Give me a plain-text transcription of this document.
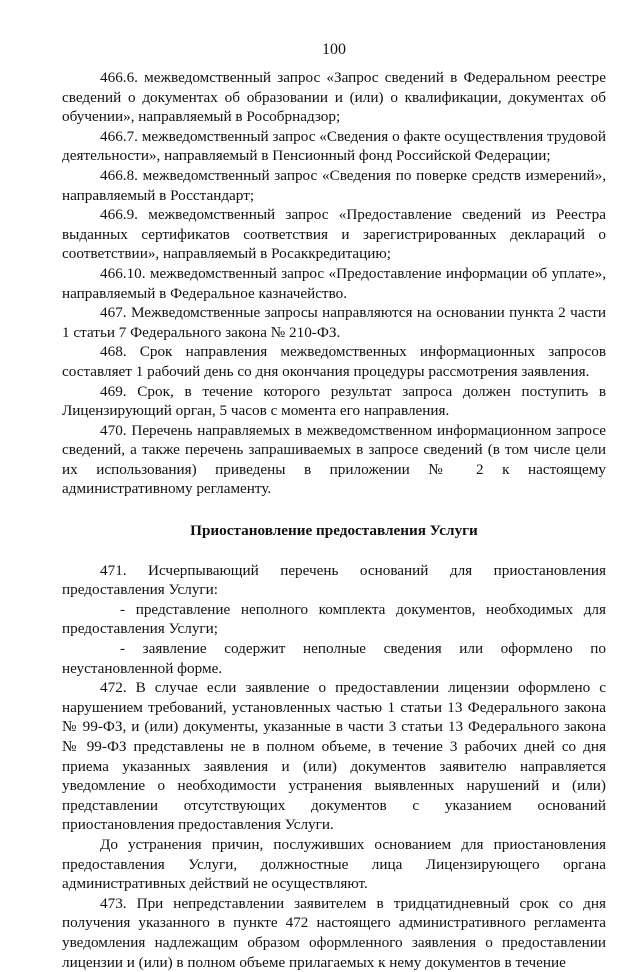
100

466.6. межведомственный запрос «Запрос сведений в Федеральном реестре сведений о документах об образовании и (или) о квалификации, документах об обучении», направляемый в Рособрнадзор;

466.7. межведомственный запрос «Сведения о факте осуществления трудовой деятельности», направляемый в Пенсионный фонд Российской Федерации;

466.8. межведомственный запрос «Сведения по поверке средств измерений», направляемый в Росстандарт;

466.9. межведомственный запрос «Предоставление сведений из Реестра выданных сертификатов соответствия и зарегистрированных деклараций о соответствии», направляемый в Росаккредитацию;

466.10. межведомственный запрос «Предоставление информации об уплате», направляемый в Федеральное казначейство.

467. Межведомственные запросы направляются на основании пункта 2 части 1 статьи 7 Федерального закона № 210-ФЗ.

468. Срок направления межведомственных информационных запросов составляет 1 рабочий день со дня окончания процедуры рассмотрения заявления.

469. Срок, в течение которого результат запроса должен поступить в Лицензирующий орган, 5 часов с момента его направления.

470. Перечень направляемых в межведомственном информационном запросе сведений, а также перечень запрашиваемых в запросе сведений (в том числе цели их использования) приведены в приложении № 2 к настоящему административному регламенту.

Приостановление предоставления Услуги

471. Исчерпывающий перечень оснований для приостановления предоставления Услуги:

- представление неполного комплекта документов, необходимых для предоставления Услуги;

- заявление содержит неполные сведения или оформлено по неустановленной форме.

472. В случае если заявление о предоставлении лицензии оформлено с нарушением требований, установленных частью 1 статьи 13 Федерального закона № 99-ФЗ, и (или) документы, указанные в части 3 статьи 13 Федерального закона № 99-ФЗ представлены не в полном объеме, в течение 3 рабочих дней со дня приема указанных заявления и (или) документов заявителю направляется уведомление о необходимости устранения выявленных нарушений и (или) представлении отсутствующих документов с указанием оснований приостановления предоставления Услуги.

До устранения причин, послуживших основанием для приостановления предоставления Услуги, должностные лица Лицензирующего органа административных действий не осуществляют.

473. При непредставлении заявителем в тридцатидневный срок со дня получения указанного в пункте 472 настоящего административного регламента уведомления надлежащим образом оформленного заявления о предоставлении лицензии и (или) в полном объеме прилагаемых к нему документов в течение
